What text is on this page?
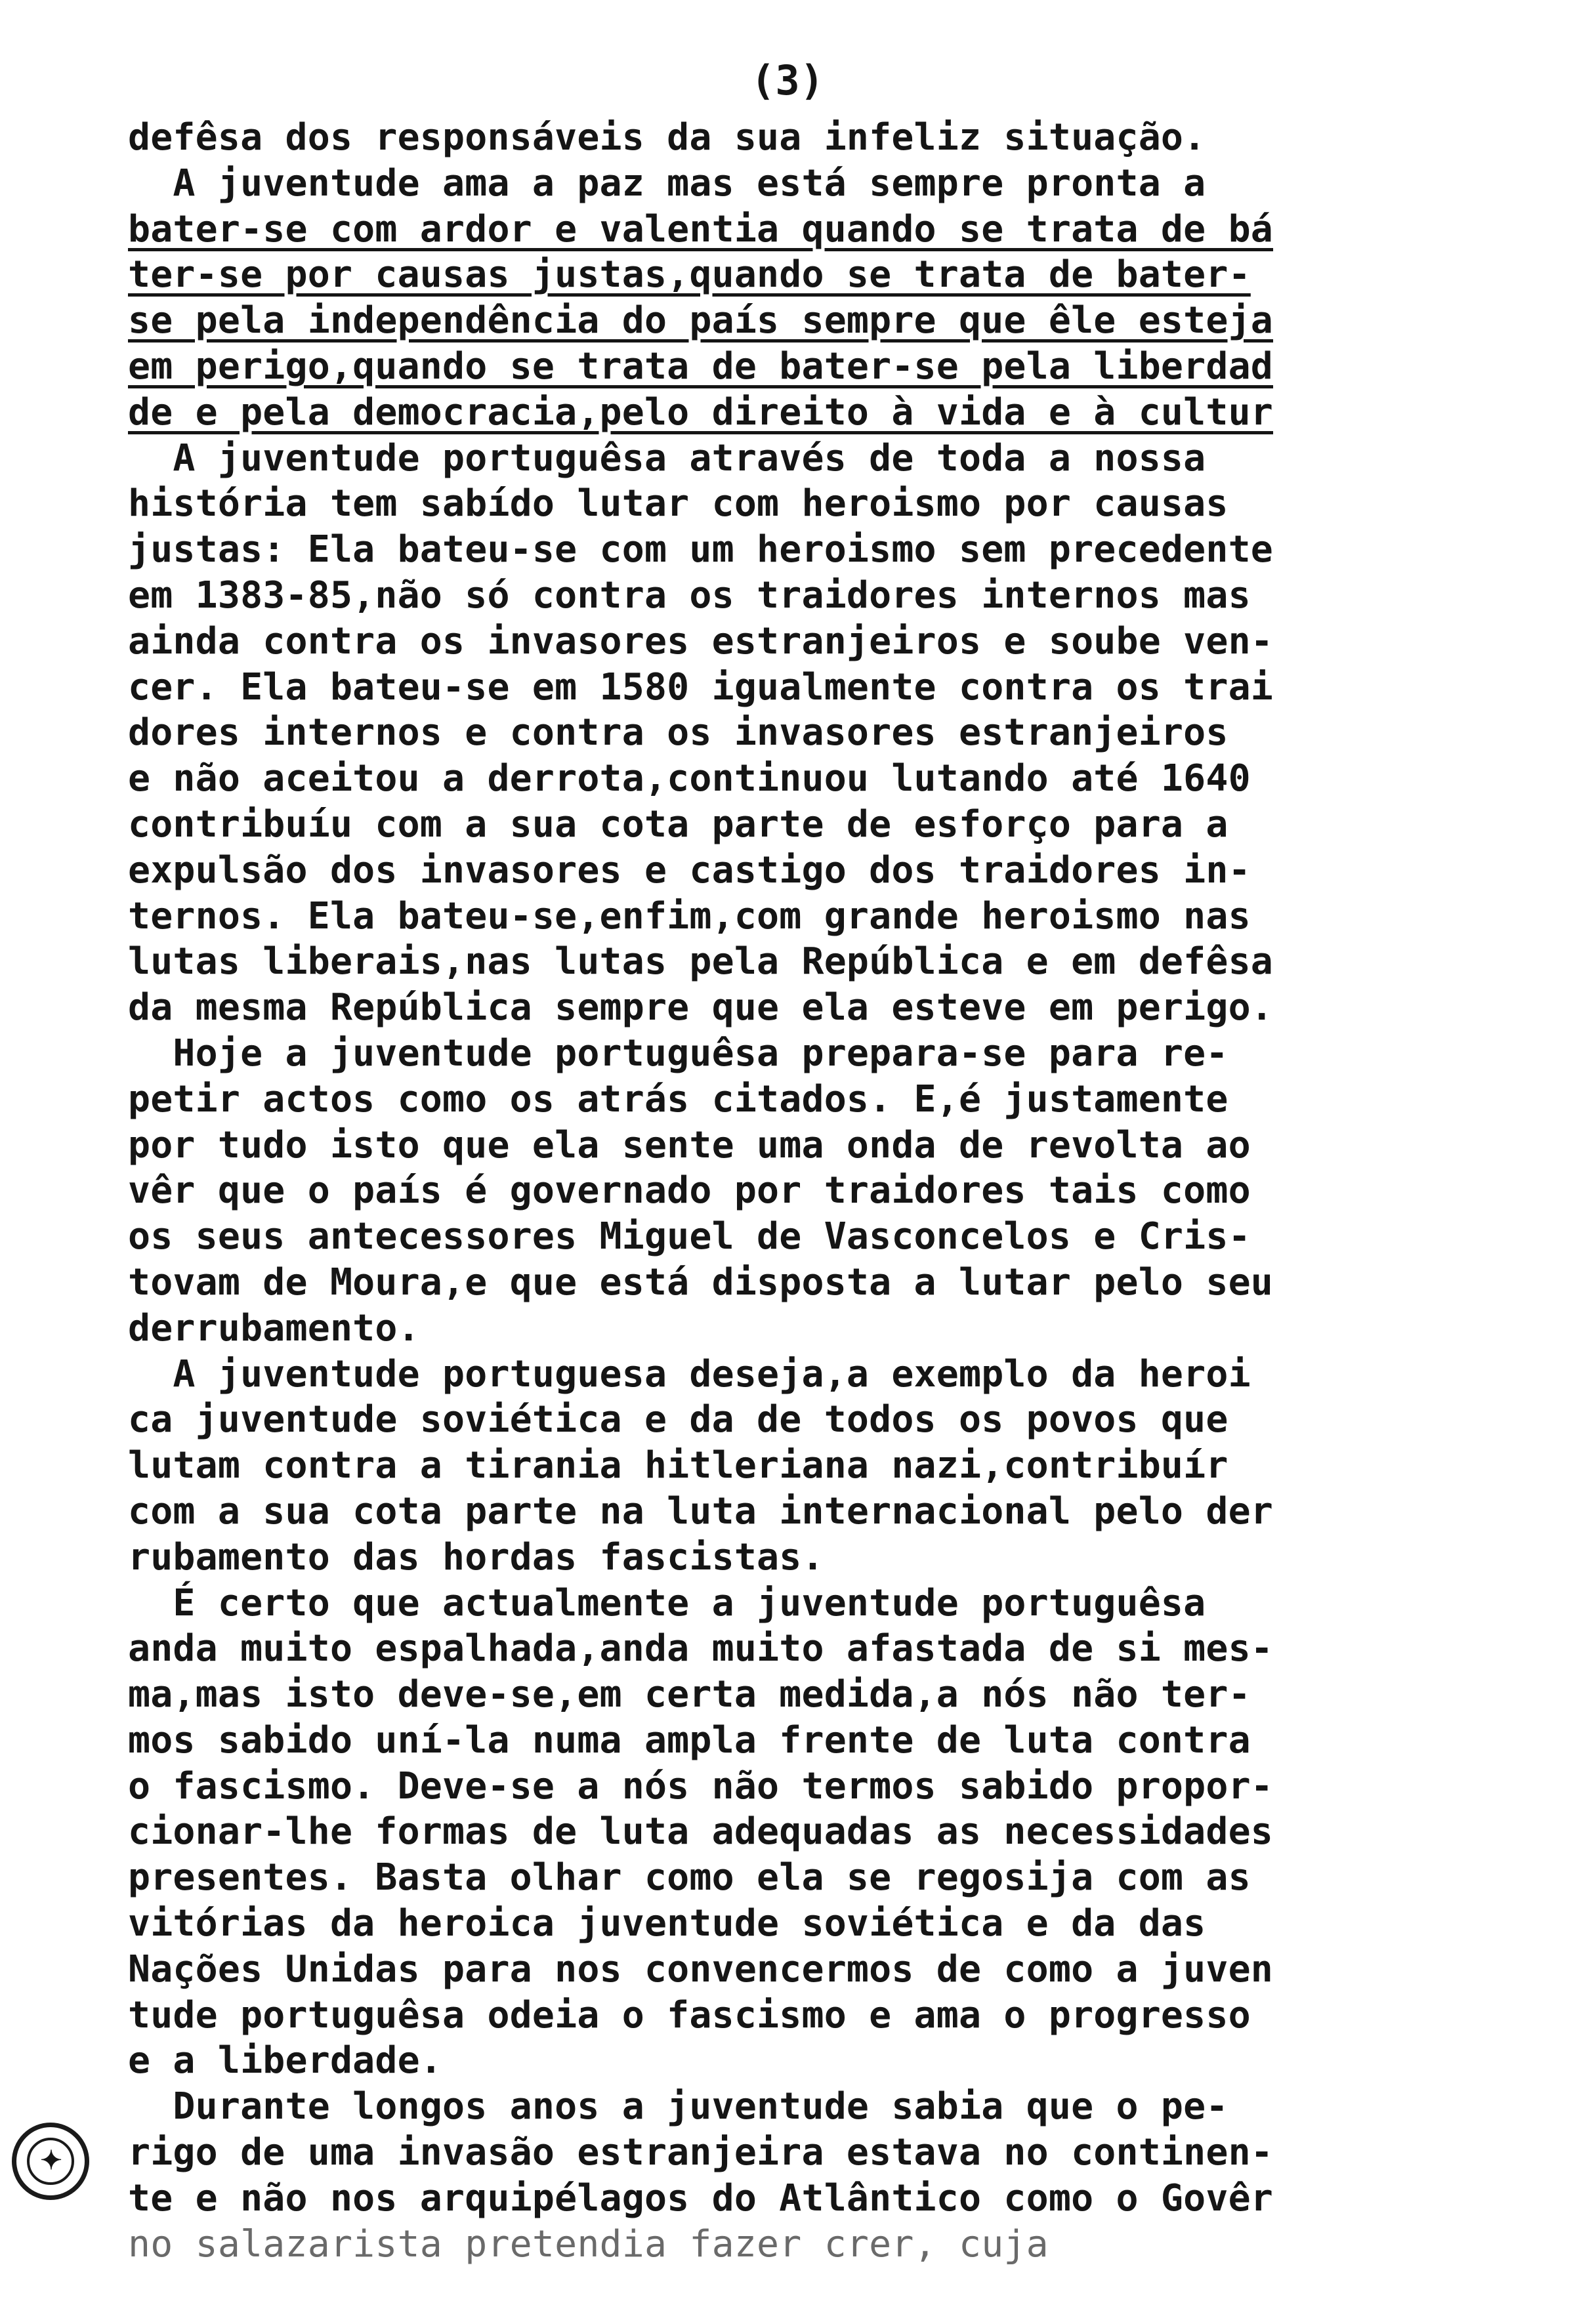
(3)
defêsa dos responsáveis da sua infeliz situação.
A juventude ama a paz mas está sempre pronta a
bater-se com ardor e valentia quando se trata de bá
ter-se por causas justas,quando se trata de bater-
se pela independência do país sempre que êle esteja
em perigo,quando se trata de bater-se pela liberdad
de e pela democracia,pelo direito à vida e à cultur
A juventude portuguêsa através de toda a nossa
história tem sabído lutar com heroismo por causas
justas: Ela bateu-se com um heroismo sem precedente
em 1383-85,não só contra os traidores internos mas
ainda contra os invasores estranjeiros e soube ven-
cer. Ela bateu-se em 1580 igualmente contra os trai
dores internos e contra os invasores estranjeiros
e não aceitou a derrota,continuou lutando até 1640
contribuíu com a sua cota parte de esforço para a
expulsão dos invasores e castigo dos traidores in-
ternos. Ela bateu-se,enfim,com grande heroismo nas
lutas liberais,nas lutas pela República e em defêsa
da mesma República sempre que ela esteve em perigo.
Hoje a juventude portuguêsa prepara-se para re-
petir actos como os atrás citados. E,é justamente
por tudo isto que ela sente uma onda de revolta ao
vêr que o país é governado por traidores tais como
os seus antecessores Miguel de Vasconcelos e Cris-
tovam de Moura,e que está disposta a lutar pelo seu
derrubamento.
A juventude portuguesa deseja,a exemplo da heroi
ca juventude soviética e da de todos os povos que
lutam contra a tirania hitleriana nazi,contribuír
com a sua cota parte na luta internacional pelo der
rubamento das hordas fascistas.
É certo que actualmente a juventude portuguêsa
anda muito espalhada,anda muito afastada de si mes-
ma,mas isto deve-se,em certa medida,a nós não ter-
mos sabido uní-la numa ampla frente de luta contra
o fascismo. Deve-se a nós não termos sabido propor-
cionar-lhe formas de luta adequadas as necessidades
presentes. Basta olhar como ela se regosija com as
vitórias da heroica juventude soviética e da das
Nações Unidas para nos convencermos de como a juven
tude portuguêsa odeia o fascismo e ama o progresso
e a liberdade.
Durante longos anos a juventude sabia que o pe-
rigo de uma invasão estranjeira estava no continen-
te e não nos arquipélagos do Atlântico como o Govêr
no salazarista pretendia fazer crer, cuja
✦
